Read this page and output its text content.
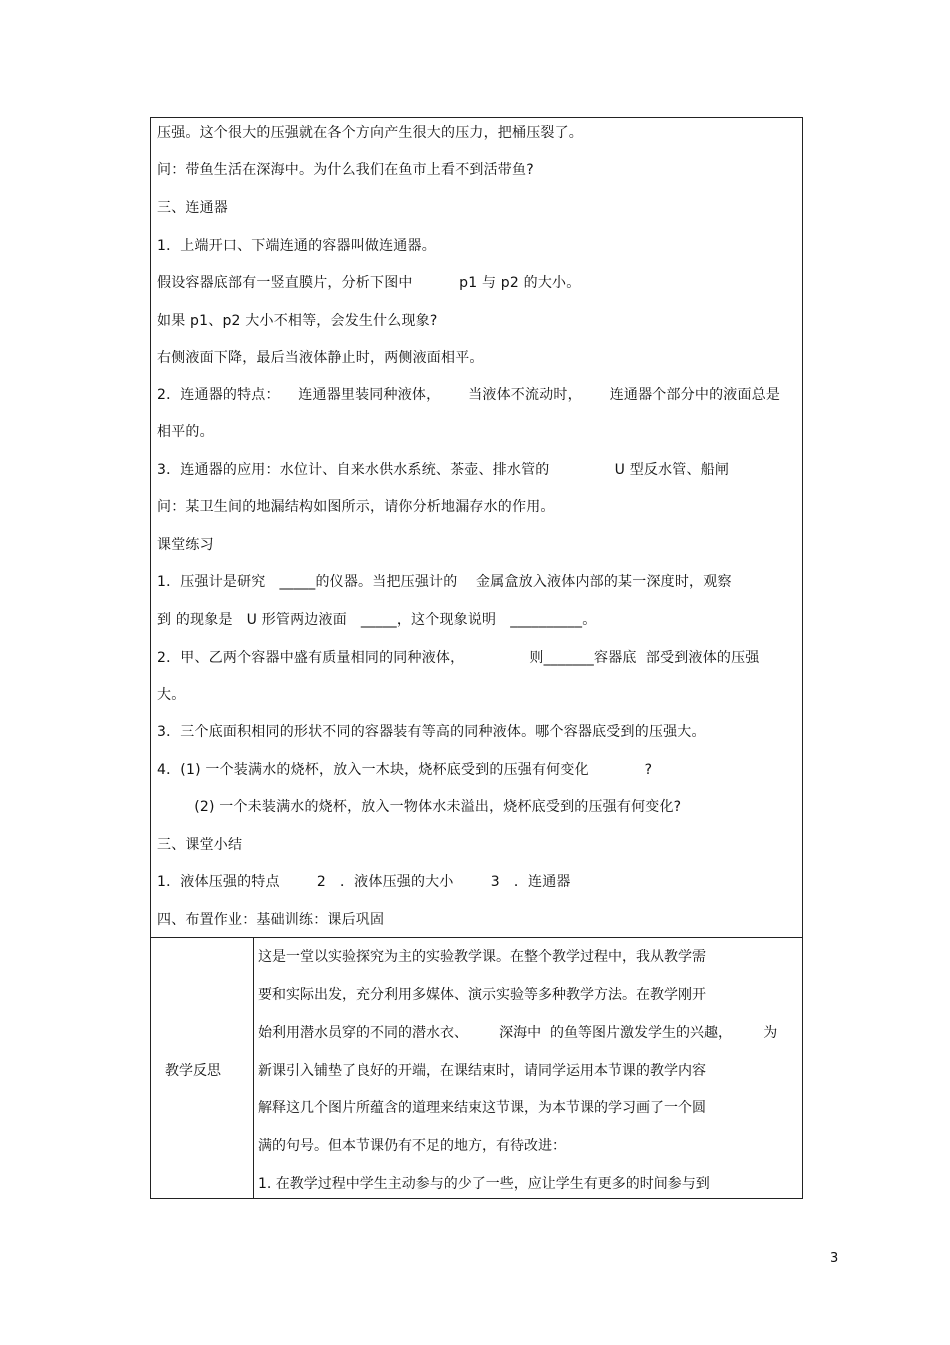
压强。这个很大的压强就在各个方向产生很大的压力，把桶压裂了。
问：带鱼生活在深海中。为什么我们在鱼市上看不到活带鱼?
三、连通器
1．上端开口、下端连通的容器叫做连通器。
假设容器底部有一竖直膜片，分析下图中          p1 与 p2 的大小。
如果 p1、p2 大小不相等，会发生什么现象?
右侧液面下降，最后当液体静止时，两侧液面相平。
2．连通器的特点：    连通器里装同种液体，      当液体不流动时，      连通器个部分中的液面总是
相平的。
3．连通器的应用：水位计、自来水供水系统、茶壶、排水管的              U 型反水管、船闸
问：某卫生间的地漏结构如图所示，请你分析地漏存水的作用。
课堂练习
1．压强计是研究   _____的仪器。当把压强计的    金属盒放入液体内部的某一深度时，观察
到 的现象是   U 形管两边液面   _____，这个现象说明   __________。
2．甲、乙两个容器中盛有质量相同的同种液体，              则_______容器底  部受到液体的压强
大。
3．三个底面积相同的形状不同的容器装有等高的同种液体。哪个容器底受到的压强大。
4．(1) 一个装满水的烧杯，放入一木块，烧杯底受到的压强有何变化            ?
(2) 一个未装满水的烧杯，放入一物体水未溢出，烧杯底受到的压强有何变化?
三、课堂小结
1．液体压强的特点        2   ．液体压强的大小        3   ．连通器
四、布置作业：基础训练：课后巩固
教学反思
这是一堂以实验探究为主的实验教学课。在整个教学过程中，我从教学需
要和实际出发，充分利用多媒体、演示实验等多种教学方法。在教学刚开
始利用潜水员穿的不同的潜水衣、       深海中  的鱼等图片激发学生的兴趣，       为
新课引入铺垫了良好的开端，在课结束时，请同学运用本节课的教学内容
解释这几个图片所蕴含的道理来结束这节课，为本节课的学习画了一个圆
满的句号。但本节课仍有不足的地方，有待改进：
1. 在教学过程中学生主动参与的少了一些，应让学生有更多的时间参与到
3
